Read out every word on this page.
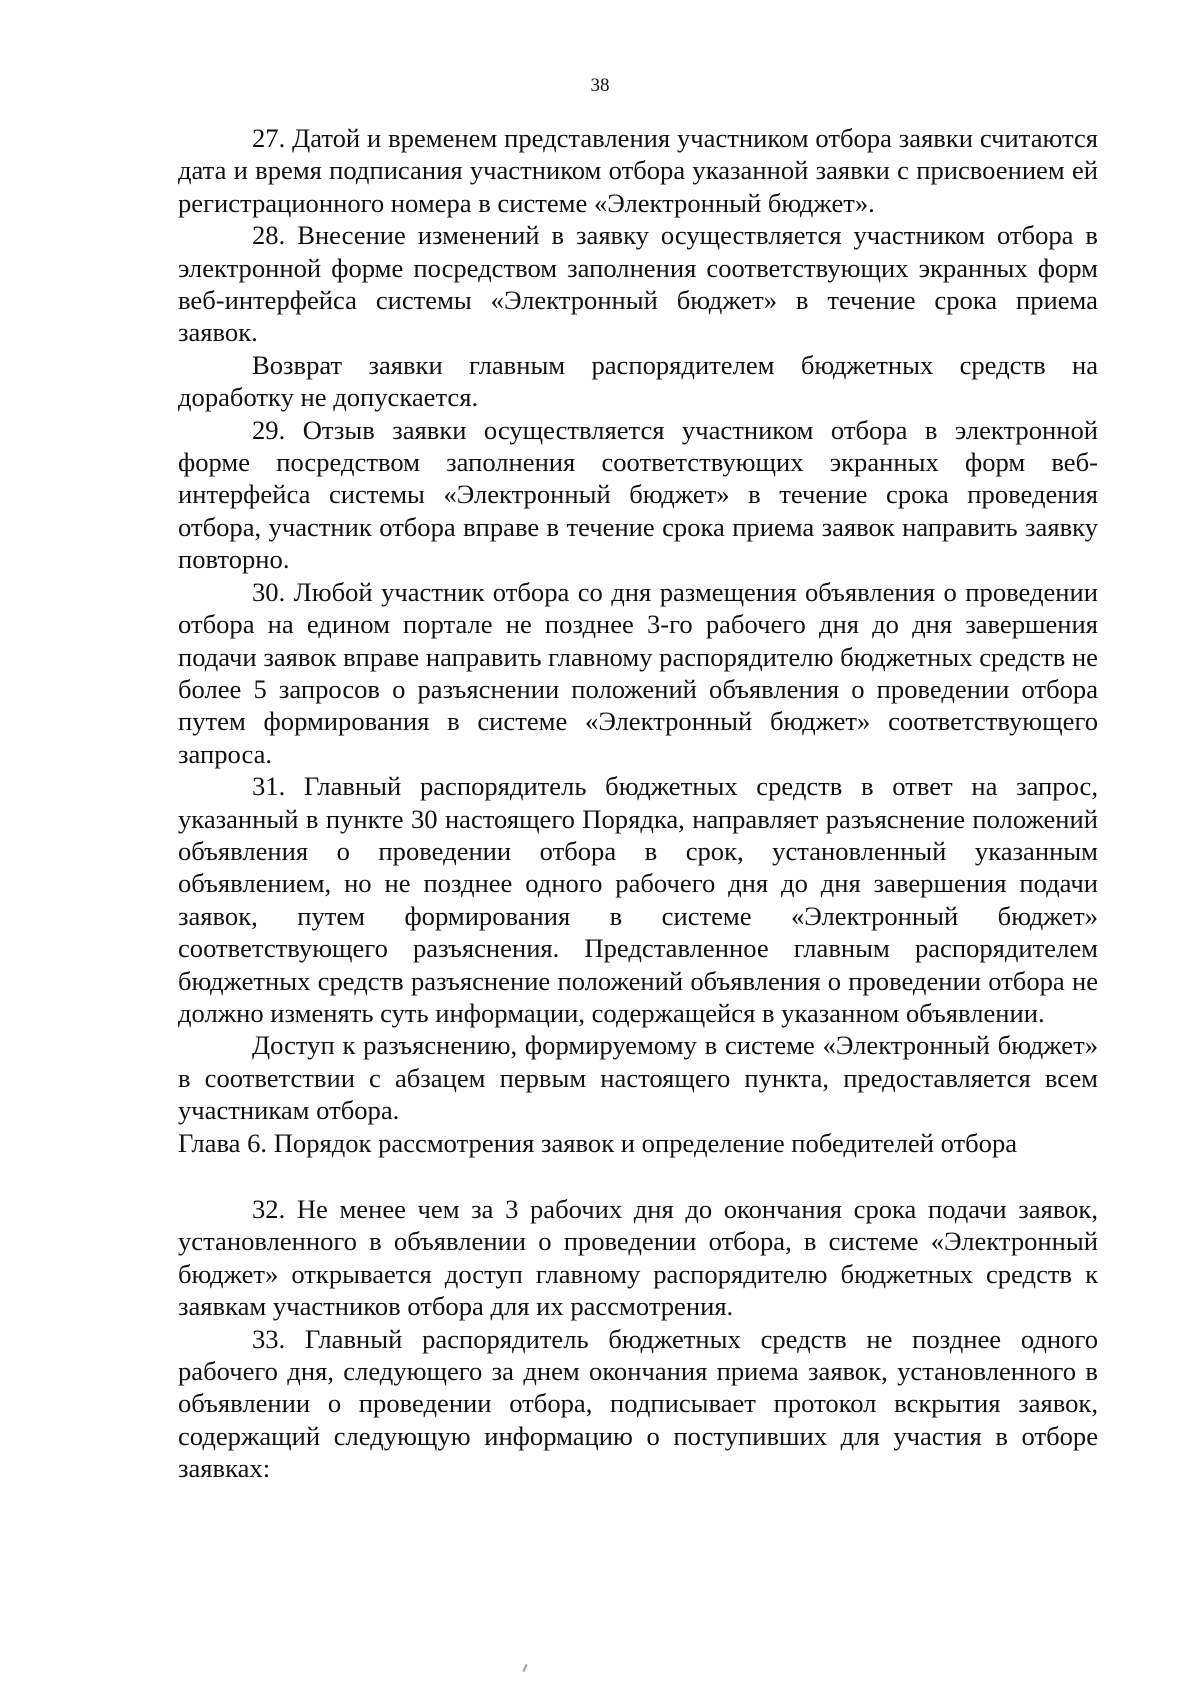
38

27. Датой и временем представления участником отбора заявки считаются дата и время подписания участником отбора указанной заявки с присвоением ей регистрационного номера в системе «Электронный бюджет».

28. Внесение изменений в заявку осуществляется участником отбора в электронной форме посредством заполнения соответствующих экранных форм веб-интерфейса системы «Электронный бюджет» в течение срока приема заявок.

Возврат заявки главным распорядителем бюджетных средств на доработку не допускается.

29. Отзыв заявки осуществляется участником отбора в электронной форме посредством заполнения соответствующих экранных форм веб-интерфейса системы «Электронный бюджет» в течение срока проведения отбора, участник отбора вправе в течение срока приема заявок направить заявку повторно.

30. Любой участник отбора со дня размещения объявления о проведении отбора на едином портале не позднее 3-го рабочего дня до дня завершения подачи заявок вправе направить главному распорядителю бюджетных средств не более 5 запросов о разъяснении положений объявления о проведении отбора путем формирования в системе «Электронный бюджет» соответствующего запроса.

31. Главный распорядитель бюджетных средств в ответ на запрос, указанный в пункте 30 настоящего Порядка, направляет разъяснение положений объявления о проведении отбора в срок, установленный указанным объявлением, но не позднее одного рабочего дня до дня завершения подачи заявок, путем формирования в системе «Электронный бюджет» соответствующего разъяснения. Представленное главным распорядителем бюджетных средств разъяснение положений объявления о проведении отбора не должно изменять суть информации, содержащейся в указанном объявлении.

Доступ к разъяснению, формируемому в системе «Электронный бюджет» в соответствии с абзацем первым настоящего пункта, предоставляется всем участникам отбора.

Глава 6. Порядок рассмотрения заявок и определение победителей отбора

32. Не менее чем за 3 рабочих дня до окончания срока подачи заявок, установленного в объявлении о проведении отбора, в системе «Электронный бюджет» открывается доступ главному распорядителю бюджетных средств к заявкам участников отбора для их рассмотрения.

33. Главный распорядитель бюджетных средств не позднее одного рабочего дня, следующего за днем окончания приема заявок, установленного в объявлении о проведении отбора, подписывает протокол вскрытия заявок, содержащий следующую информацию о поступивших для участия в отборе заявках:
